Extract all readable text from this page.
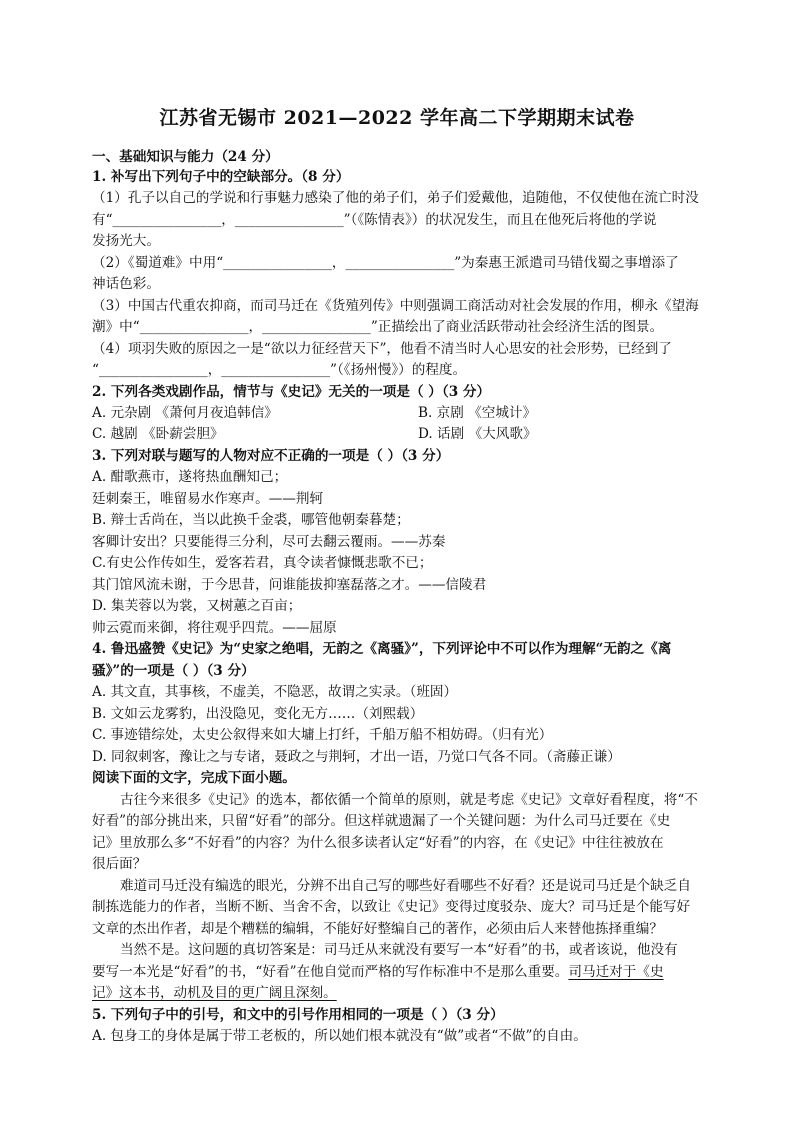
江苏省无锡市 2021—2022 学年高二下学期期末试卷
一、基础知识与能力（24 分）
1. 补写出下列句子中的空缺部分。（8 分）
（1）孔子以自己的学说和行事魅力感染了他的弟子们，弟子们爱戴他，追随他，不仅使他在流亡时没
有“________________，________________”（《陈情表》）的状况发生，而且在他死后将他的学说
发扬光大。
（2）《蜀道难》中用“________________，________________”为秦惠王派遣司马错伐蜀之事增添了
神话色彩。
（3）中国古代重农抑商，而司马迁在《货殖列传》中则强调工商活动对社会发展的作用，柳永《望海
潮》中“________________，________________”正描绘出了商业活跃带动社会经济生活的图景。
（4）项羽失败的原因之一是“欲以力征经营天下”，他看不清当时人心思安的社会形势，已经到了
“________________，________________”（《扬州慢》）的程度。
2. 下列各类戏剧作品，情节与《史记》无关的一项是（ ）（3 分）
A. 元杂剧 《萧何月夜追韩信》	B. 京剧 《空城计》
C. 越剧 《卧薪尝胆》	D. 话剧 《大风歌》
3. 下列对联与题写的人物对应不正确的一项是（ ）（3 分）
A. 酣歌燕市，遂将热血酬知己；
廷刺秦王，唯留易水作寒声。——荆轲
B. 辩士舌尚在，当以此换千金裘，哪管他朝秦暮楚；
客卿计安出？只要能得三分利，尽可去翻云覆雨。——苏秦
C.有史公作传如生，爱客若君，真令读者慷慨悲歌不已；
其门馆风流未谢，于今思昔，问谁能拔抑塞磊落之才。——信陵君
D. 集芙蓉以为裳，又树蕙之百亩；
帅云霓而来御，将往观乎四荒。——屈原
4. 鲁迅盛赞《史记》为“史家之绝唱，无韵之《离骚》”，下列评论中不可以作为理解“无韵之《离
骚》”的一项是（ ）（3 分）
A. 其文直，其事核，不虚美，不隐恶，故谓之实录。（班固）
B. 文如云龙雾豹，出没隐见，变化无方……（刘熙载）
C. 事迹错综处，太史公叙得来如大墉上打纤，千船万船不相妨碍。（归有光）
D. 同叙刺客，豫让之与专诸，聂政之与荆轲，才出一语，乃觉口气各不同。（斋藤正谦）
阅读下面的文字，完成下面小题。
古往今来很多《史记》的选本，都依循一个简单的原则，就是考虑《史记》文章好看程度，将“不
好看”的部分挑出来，只留“好看”的部分。但这样就遗漏了一个关键问题：为什么司马迁要在《史
记》里放那么多“不好看”的内容？为什么很多读者认定“好看”的内容，在《史记》中往往被放在
很后面？
难道司马迁没有编选的眼光，分辨不出自己写的哪些好看哪些不好看？还是说司马迁是个缺乏自
制拣选能力的作者，当断不断、当舍不舍，以致让《史记》变得过度驳杂、庞大？司马迁是个能写好
文章的杰出作者，却是个糟糕的编辑，不能好好整编自己的著作，必须由后人来替他拣择重编？
当然不是。这问题的真切答案是：司马迁从来就没有要写一本“好看”的书，或者该说，他没有
要写一本光是“好看”的书，“好看”在他自觉而严格的写作标准中不是那么重要。司马迁对于《史
记》这本书，动机及目的更广阔且深刻。
5. 下列句子中的引号，和文中的引号作用相同的一项是（ ）（3 分）
A. 包身工的身体是属于带工老板的，所以她们根本就没有“做”或者“不做”的自由。
